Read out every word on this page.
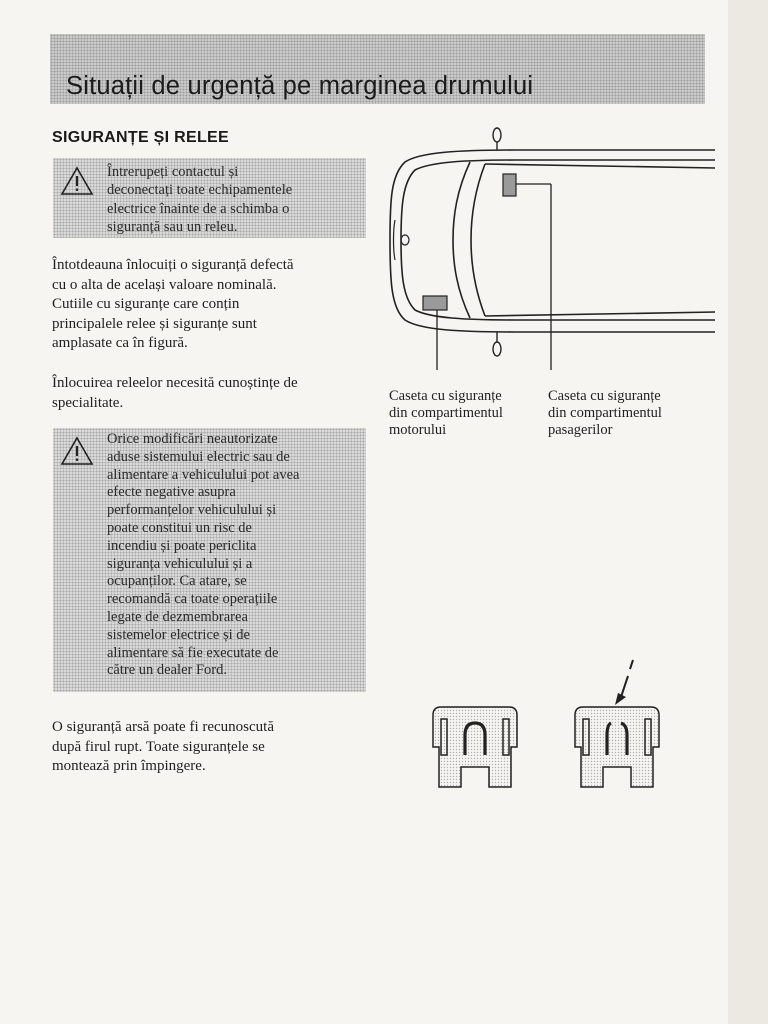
Situații de urgență pe marginea drumului
SIGURANȚE ȘI RELEE
Întrerupeți contactul și
deconectați toate echipamentele
electrice înainte de a schimba o
siguranță sau un releu.
Întotdeauna înlocuiți o siguranță defectă
cu o alta de același valoare nominală.
Cutiile cu siguranțe care conțin
principalele relee și siguranțe sunt
amplasate ca în figură.
Înlocuirea releelor necesită cunoștințe de
specialitate.
Orice modificări neautorizate
aduse sistemului electric sau de
alimentare a vehiculului pot avea
efecte negative asupra
performanțelor vehiculului și
poate constitui un risc de
incendiu și poate periclita
siguranța vehiculului și a
ocupanților. Ca atare, se
recomandă ca toate operațiile
legate de dezmembrarea
sistemelor electrice și de
alimentare să fie executate de
către un dealer Ford.
O siguranță arsă poate fi recunoscută
după firul rupt. Toate siguranțele se
montează prin împingere.
Caseta cu siguranțe
din compartimentul
motorului
Caseta cu siguranțe
din compartimentul
pasagerilor
